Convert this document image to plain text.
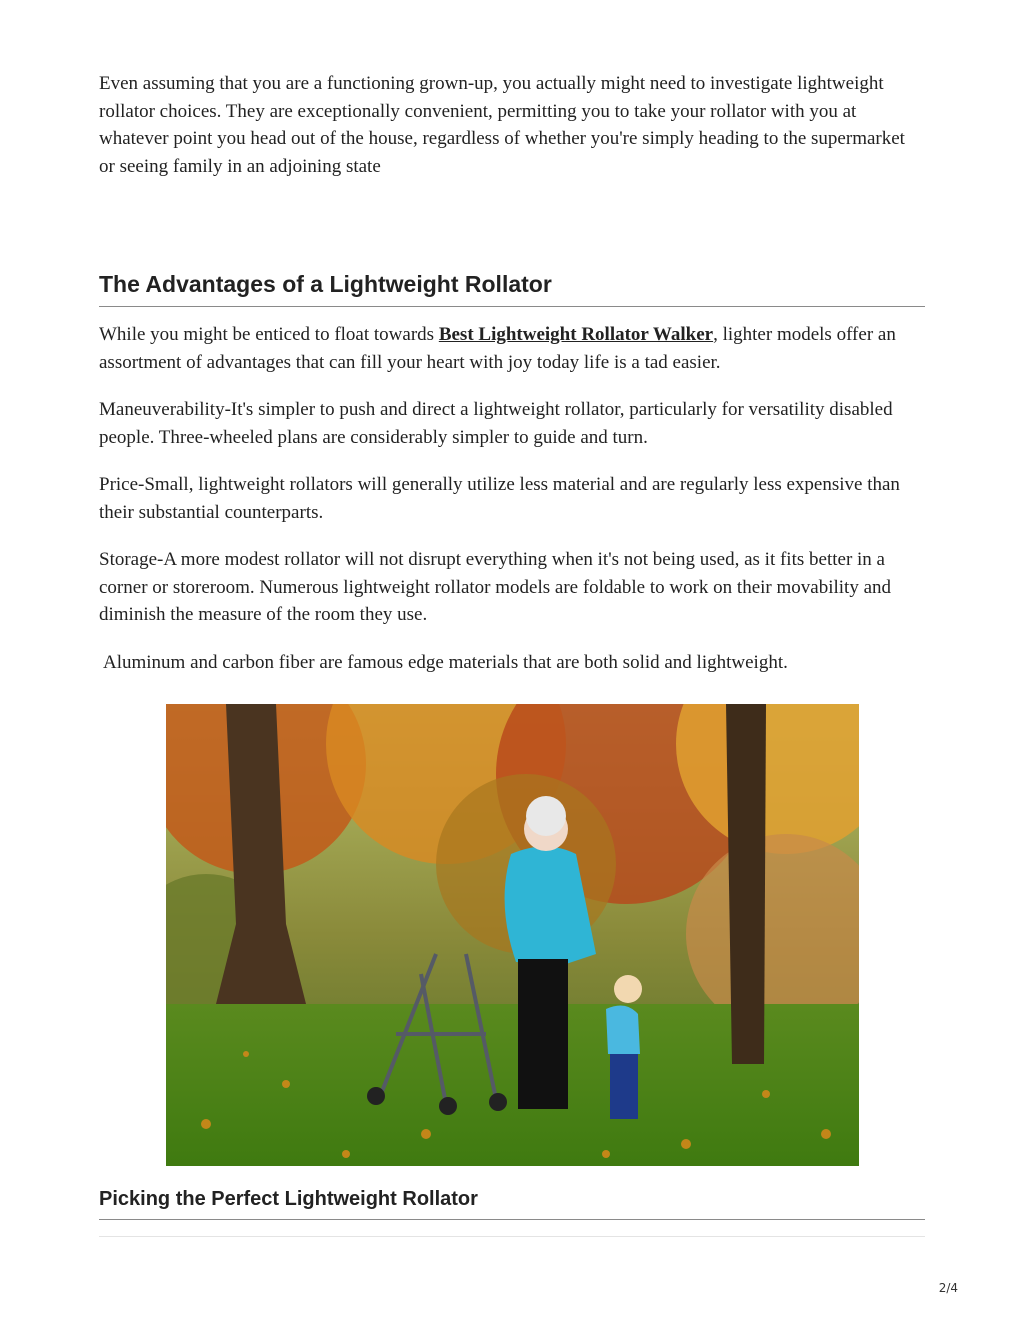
Even assuming that you are a functioning grown-up, you actually might need to investigate lightweight rollator choices. They are exceptionally convenient, permitting you to take your rollator with you at whatever point you head out of the house, regardless of whether you're simply heading to the supermarket or seeing family in an adjoining state

The Advantages of a Lightweight Rollator

While you might be enticed to float towards Best Lightweight Rollator Walker, lighter models offer an assortment of advantages that can fill your heart with joy today life is a tad easier.

Maneuverability-It's simpler to push and direct a lightweight rollator, particularly for versatility disabled people. Three-wheeled plans are considerably simpler to guide and turn.

Price-Small, lightweight rollators will generally utilize less material and are regularly less expensive than their substantial counterparts.

Storage-A more modest rollator will not disrupt everything when it's not being used, as it fits better in a corner or storeroom. Numerous lightweight rollator models are foldable to work on their movability and diminish the measure of the room they use.

Aluminum and carbon fiber are famous edge materials that are both solid and lightweight.

Picking the Perfect Lightweight Rollator
2/4
